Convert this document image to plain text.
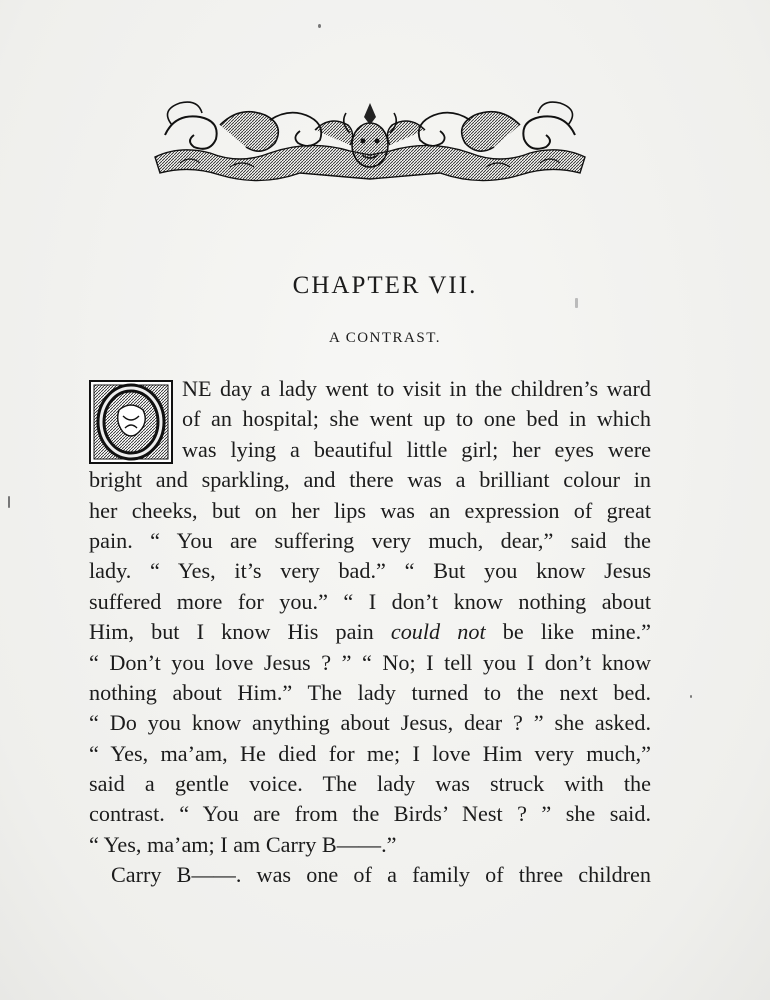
CHAPTER VII.
A CONTRAST.
NE day a lady went to visit in the children’s ward
of an hospital; she went up to one bed in which
was lying a beautiful little girl; her eyes were
bright and sparkling, and there was a brilliant colour in
her cheeks, but on her lips was an expression of great
pain. “ You are suffering very much, dear,” said the
lady. “ Yes, it’s very bad.” “ But you know Jesus
suffered more for you.” “ I don’t know nothing about
Him, but I know His pain could not be like mine.”
“ Don’t you love Jesus ? ” “ No; I tell you I don’t know
nothing about Him.” The lady turned to the next bed.
“ Do you know anything about Jesus, dear ? ” she asked.
“ Yes, ma’am, He died for me; I love Him very much,”
said a gentle voice. The lady was struck with the
contrast. “ You are from the Birds’ Nest ? ” she said.
“ Yes, ma’am; I am Carry B——.”
Carry B——. was one of a family of three children
